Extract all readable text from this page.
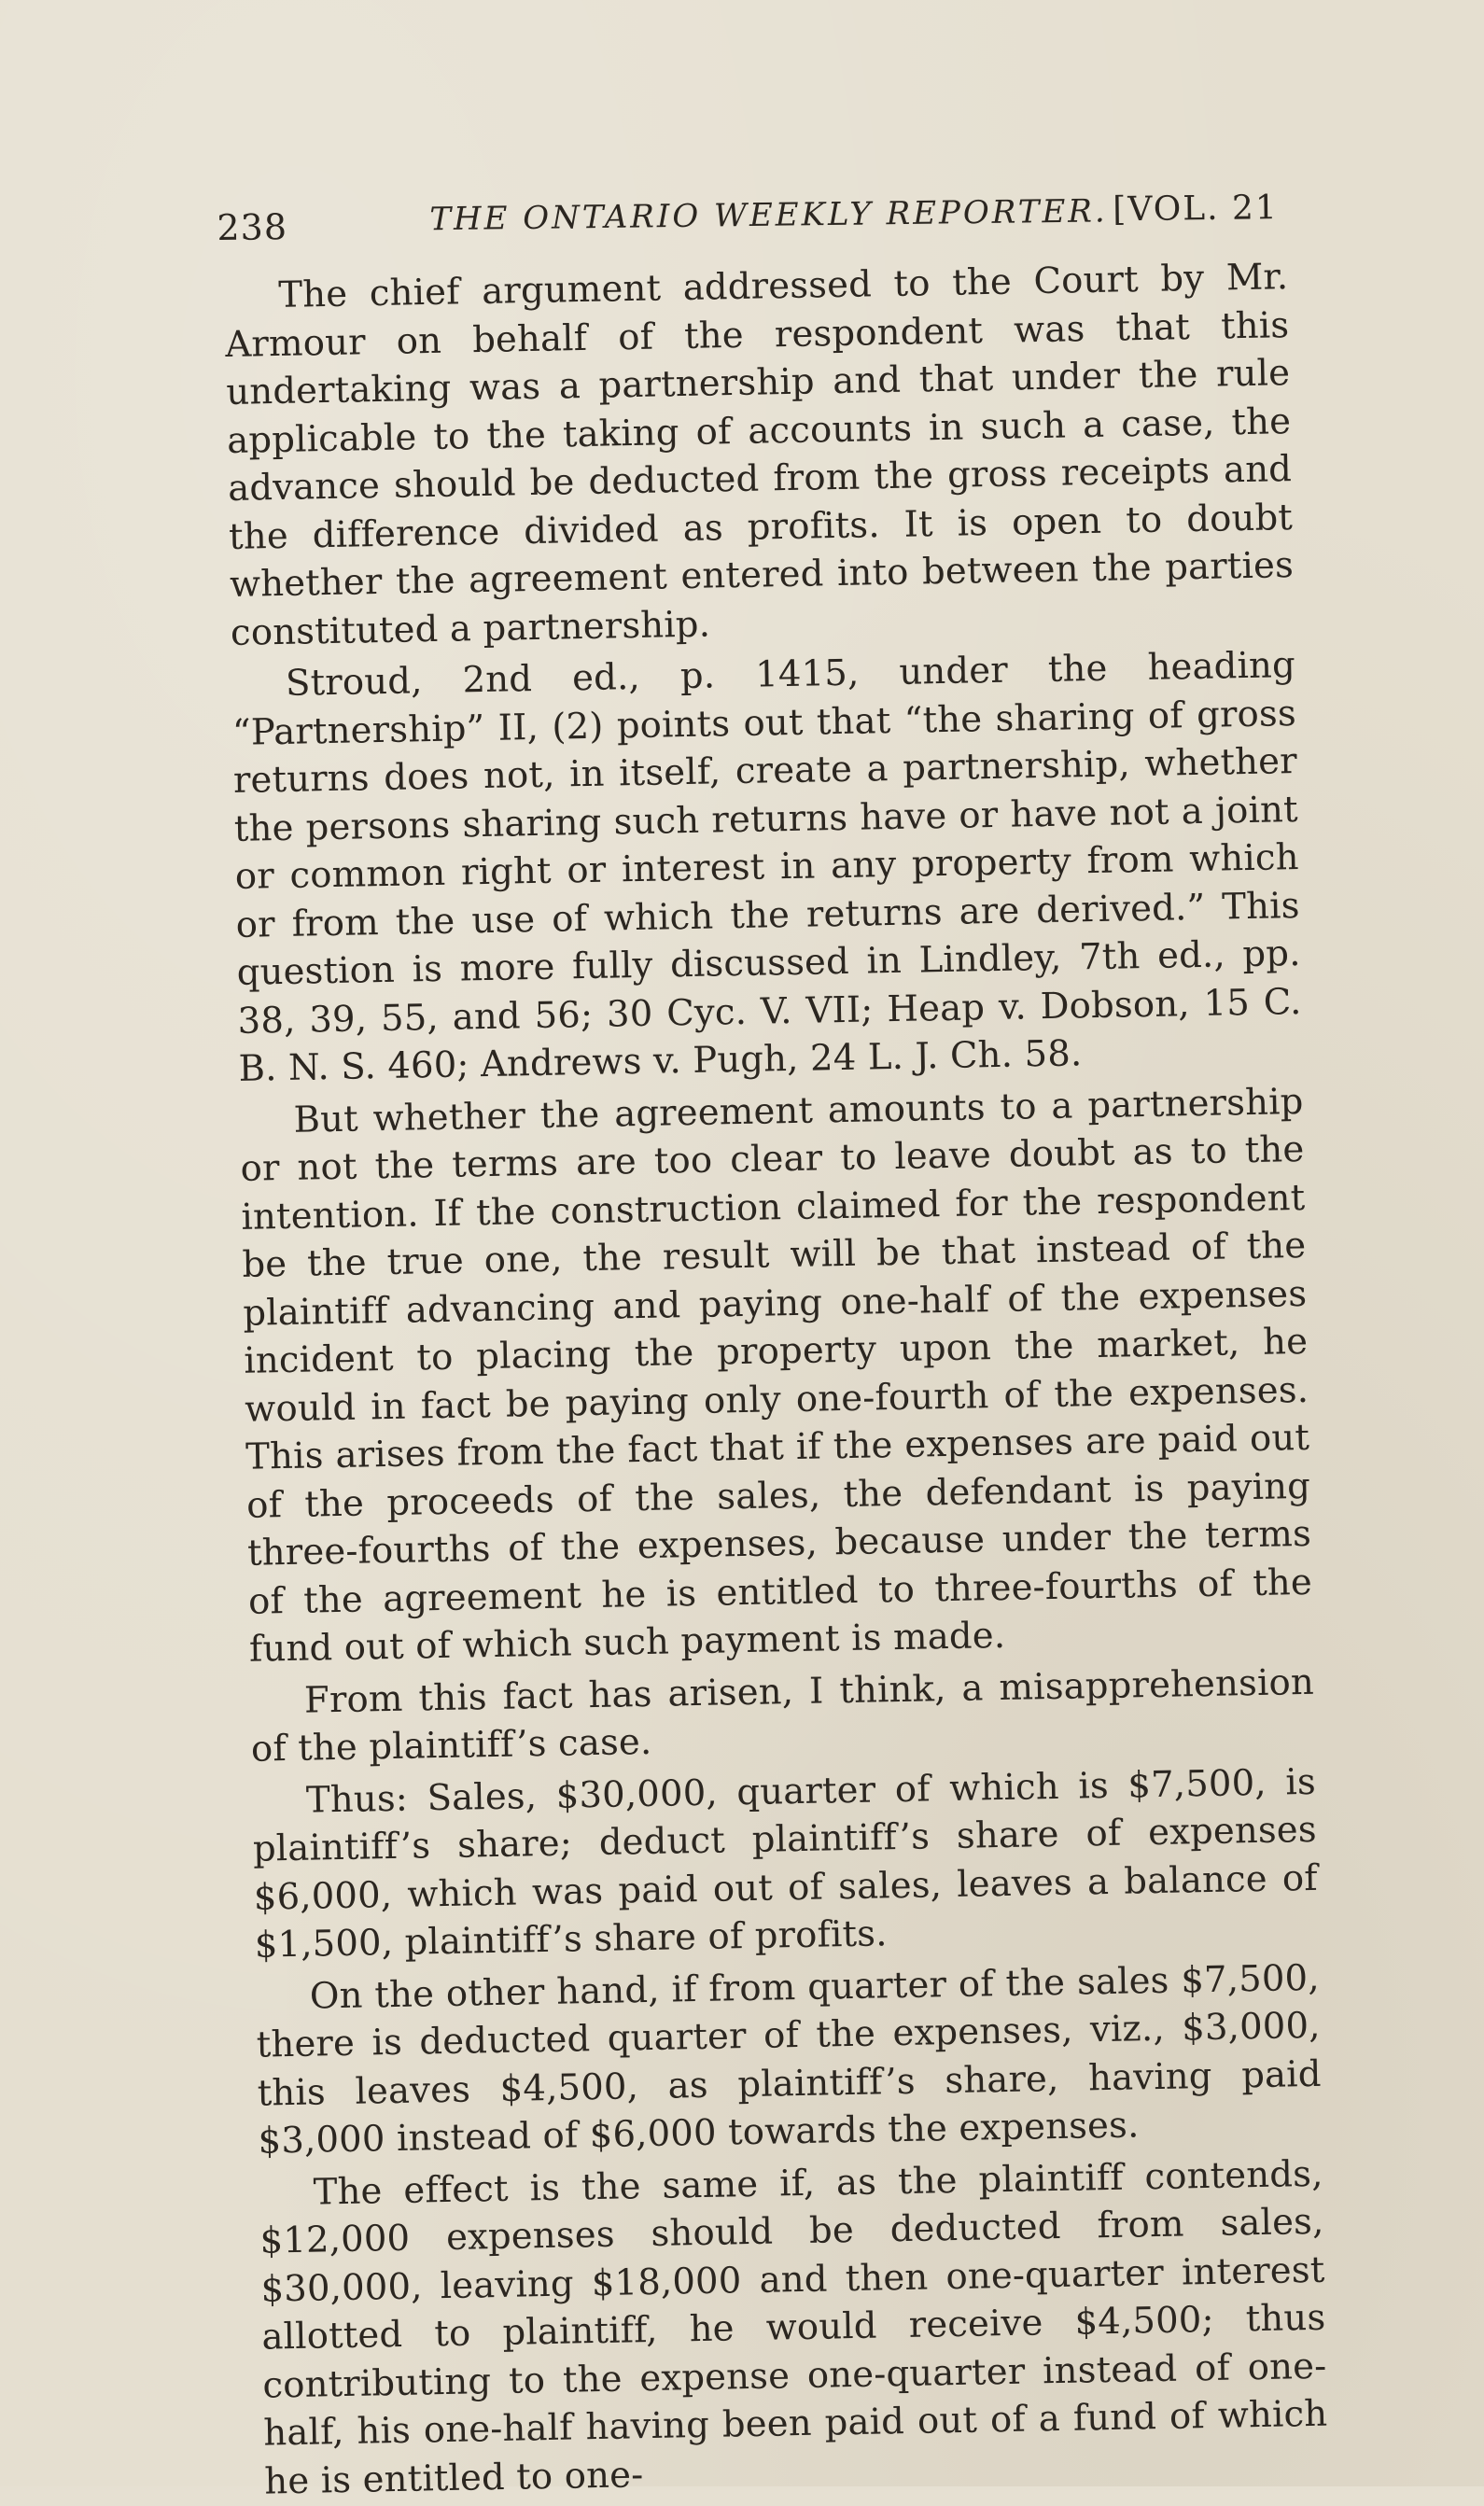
238	THE ONTARIO WEEKLY REPORTER. [VOL. 21

The chief argument addressed to the Court by Mr. Armour on behalf of the respondent was that this undertaking was a partnership and that under the rule applicable to the taking of accounts in such a case, the advance should be deducted from the gross receipts and the difference divided as profits. It is open to doubt whether the agreement entered into between the parties constituted a partnership.

Stroud, 2nd ed., p. 1415, under the heading “Partnership” II, (2) points out that “the sharing of gross returns does not, in itself, create a partnership, whether the persons sharing such returns have or have not a joint or common right or interest in any property from which or from the use of which the returns are derived.” This question is more fully discussed in Lindley, 7th ed., pp. 38, 39, 55, and 56; 30 Cyc. V. VII; Heap v. Dobson, 15 C. B. N. S. 460; Andrews v. Pugh, 24 L. J. Ch. 58.

But whether the agreement amounts to a partnership or not the terms are too clear to leave doubt as to the intention. If the construction claimed for the respondent be the true one, the result will be that instead of the plaintiff advancing and paying one-half of the expenses incident to placing the property upon the market, he would in fact be paying only one-fourth of the expenses. This arises from the fact that if the expenses are paid out of the proceeds of the sales, the defendant is paying three-fourths of the expenses, because under the terms of the agreement he is entitled to three-fourths of the fund out of which such payment is made.

From this fact has arisen, I think, a misapprehension of the plaintiff’s case.

Thus: Sales, $30,000, quarter of which is $7,500, is plaintiff’s share; deduct plaintiff’s share of expenses $6,000, which was paid out of sales, leaves a balance of $1,500, plaintiff’s share of profits.

On the other hand, if from quarter of the sales $7,500, there is deducted quarter of the expenses, viz., $3,000, this leaves $4,500, as plaintiff’s share, having paid $3,000 instead of $6,000 towards the expenses.

The effect is the same if, as the plaintiff contends, $12,000 expenses should be deducted from sales, $30,000, leaving $18,000 and then one-quarter interest allotted to plaintiff, he would receive $4,500; thus contributing to the expense one-quarter instead of one-half, his one-half having been paid out of a fund of which he is entitled to one-
